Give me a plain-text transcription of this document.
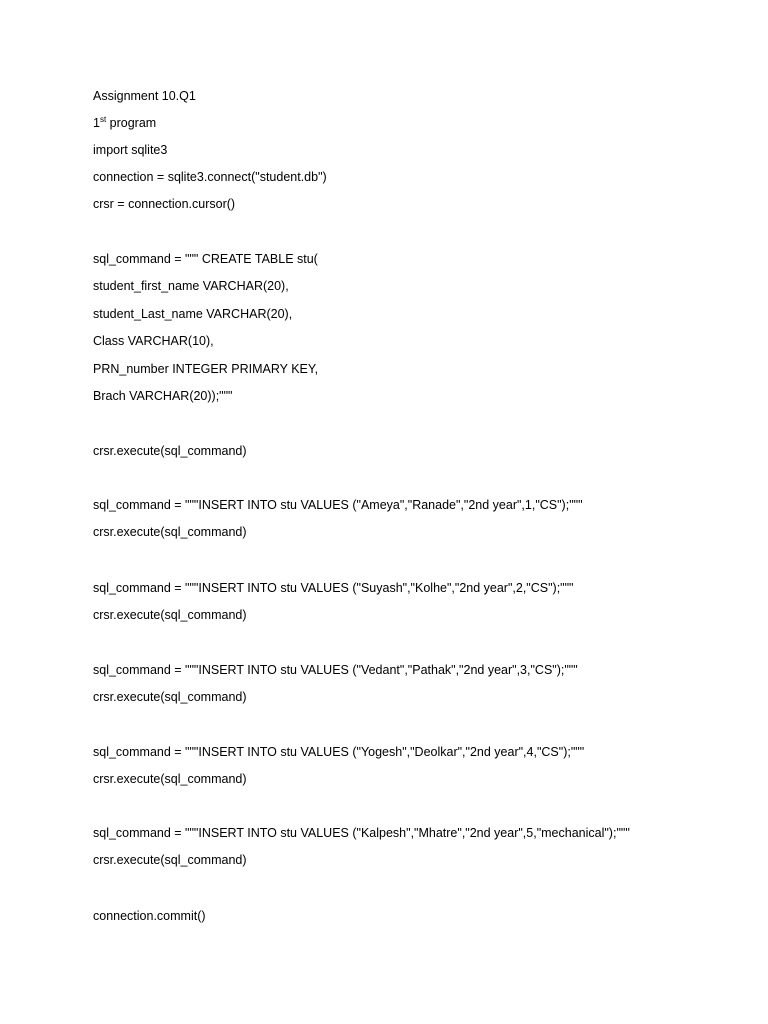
Assignment 10.Q1
1st program
import sqlite3
connection = sqlite3.connect("student.db")
crsr = connection.cursor()
sql_command = """ CREATE TABLE stu(
student_first_name VARCHAR(20),
student_Last_name VARCHAR(20),
Class VARCHAR(10),
PRN_number INTEGER PRIMARY KEY,
Brach VARCHAR(20));"""
crsr.execute(sql_command)
sql_command = """INSERT INTO stu VALUES ("Ameya","Ranade","2nd year",1,"CS");"""
crsr.execute(sql_command)
sql_command = """INSERT INTO stu VALUES ("Suyash","Kolhe","2nd year",2,"CS");"""
crsr.execute(sql_command)
sql_command = """INSERT INTO stu VALUES ("Vedant","Pathak","2nd year",3,"CS");"""
crsr.execute(sql_command)
sql_command = """INSERT INTO stu VALUES ("Yogesh","Deolkar","2nd year",4,"CS");"""
crsr.execute(sql_command)
sql_command = """INSERT INTO stu VALUES ("Kalpesh","Mhatre","2nd year",5,"mechanical");"""
crsr.execute(sql_command)
connection.commit()
